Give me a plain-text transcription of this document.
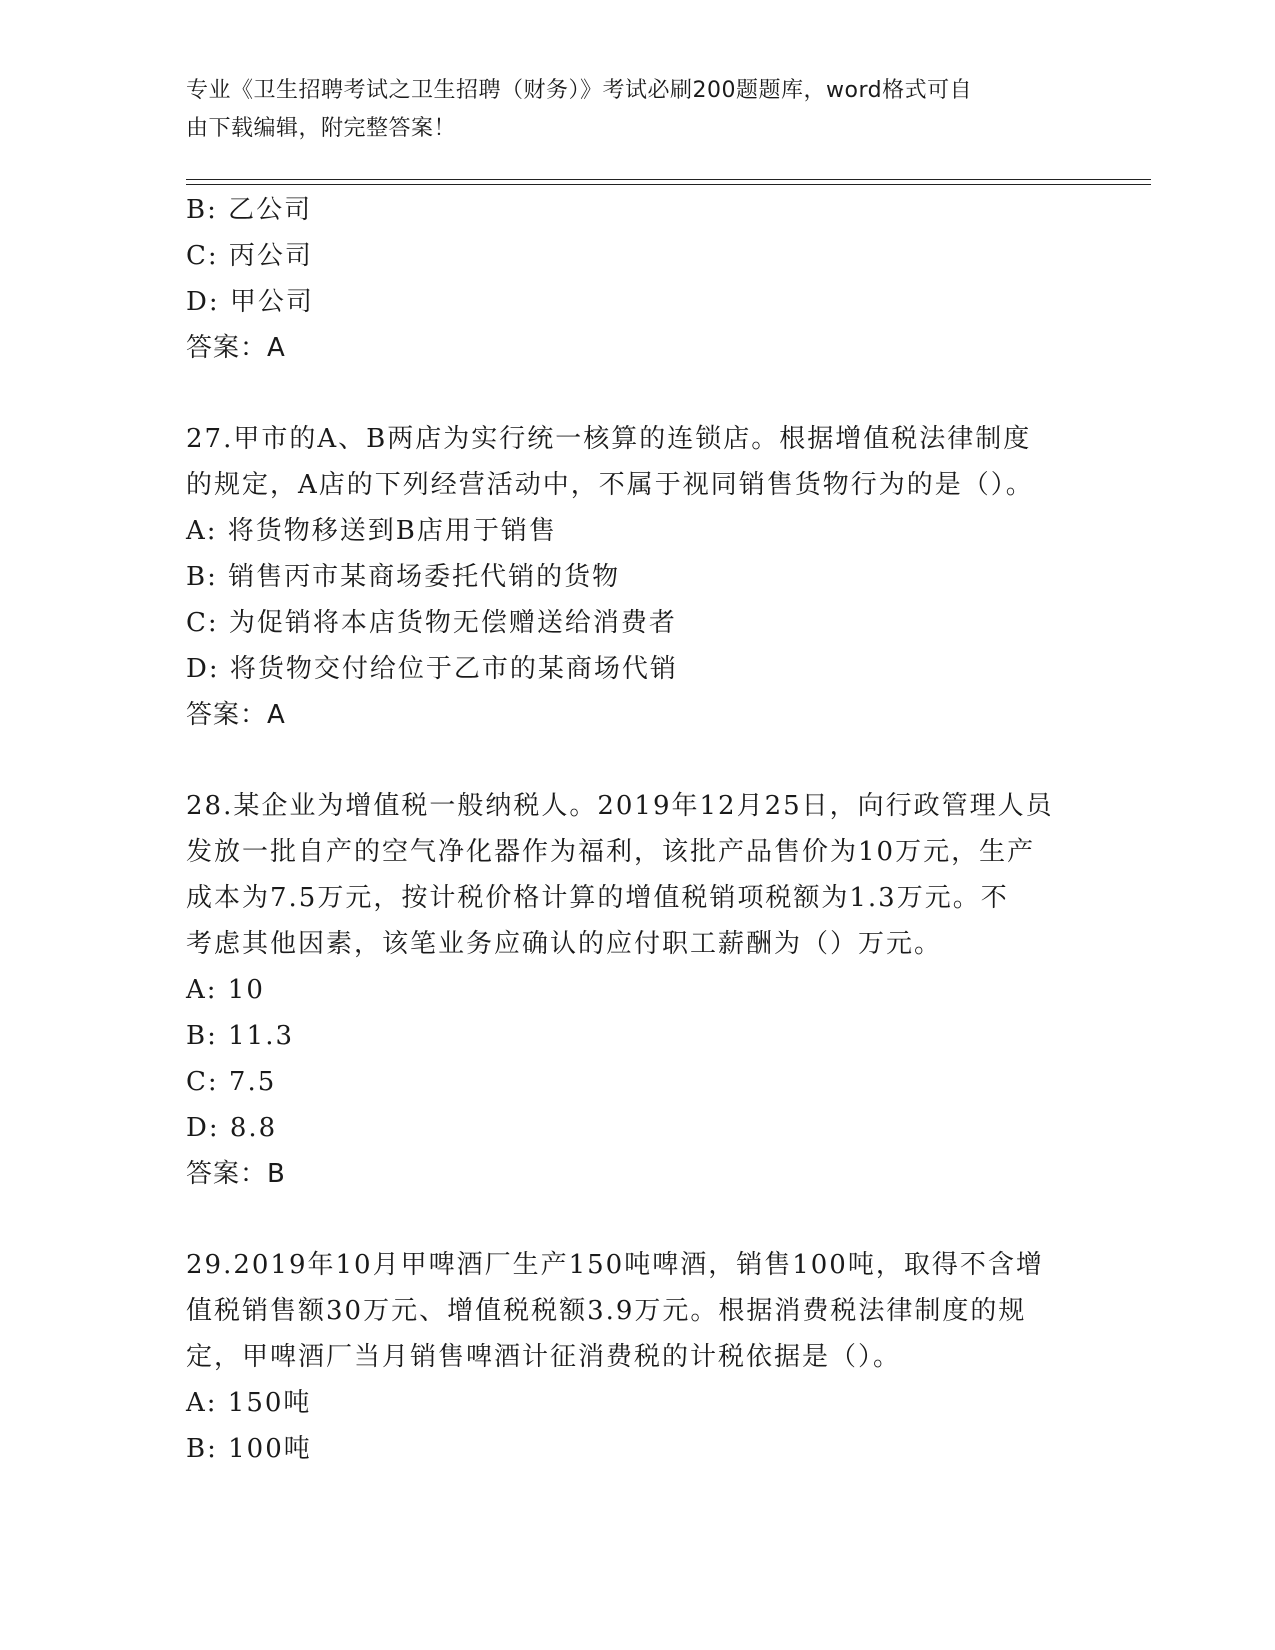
专业《卫生招聘考试之卫生招聘（财务）》考试必刷200题题库，word格式可自
由下载编辑，附完整答案！
B: 乙公司
C: 丙公司
D: 甲公司
答案：A
27.甲市的A、B两店为实行统一核算的连锁店。根据增值税法律制度
的规定，A店的下列经营活动中，不属于视同销售货物行为的是（）。
A: 将货物移送到B店用于销售
B: 销售丙市某商场委托代销的货物
C: 为促销将本店货物无偿赠送给消费者
D: 将货物交付给位于乙市的某商场代销
答案：A
28.某企业为增值税一般纳税人。2019年12月25日，向行政管理人员
发放一批自产的空气净化器作为福利，该批产品售价为10万元，生产
成本为7.5万元，按计税价格计算的增值税销项税额为1.3万元。不
考虑其他因素，该笔业务应确认的应付职工薪酬为（）万元。
A: 10
B: 11.3
C: 7.5
D: 8.8
答案：B
29.2019年10月甲啤酒厂生产150吨啤酒，销售100吨，取得不含增
值税销售额30万元、增值税税额3.9万元。根据消费税法律制度的规
定，甲啤酒厂当月销售啤酒计征消费税的计税依据是（）。
A: 150吨
B: 100吨
